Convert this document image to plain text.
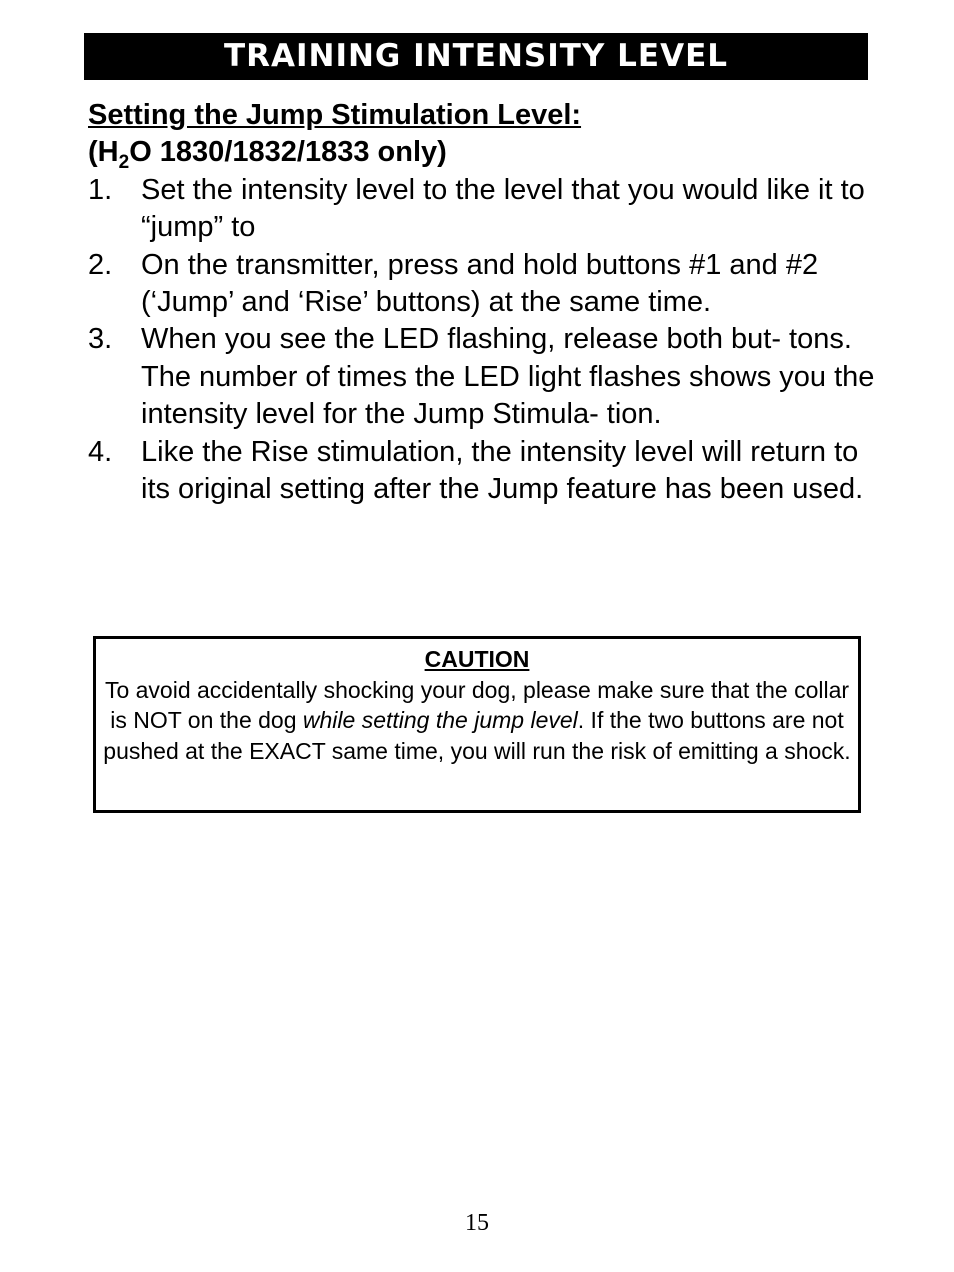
TRAINING INTENSITY LEVEL

Setting the Jump Stimulation Level:

($H_2O$ 1830/1832/1833 only)

1. Set the intensity level to the level that you would like it to “jump” to
2. On the transmitter, press and hold buttons #1 and #2 (‘Jump’ and ‘Rise’ buttons) at the same time.
3. When you see the LED flashing, release both but- tons. The number of times the LED light flashes shows you the intensity level for the Jump Stimula- tion.
4. Like the Rise stimulation, the intensity level will return to its original setting after the Jump feature has been used.
CAUTION
To avoid accidentally shocking your dog, please make sure that the collar is NOT on the dog while setting the jump level. If the two buttons are not pushed at the EXACT same time, you will run the risk of emitting a shock.
15
